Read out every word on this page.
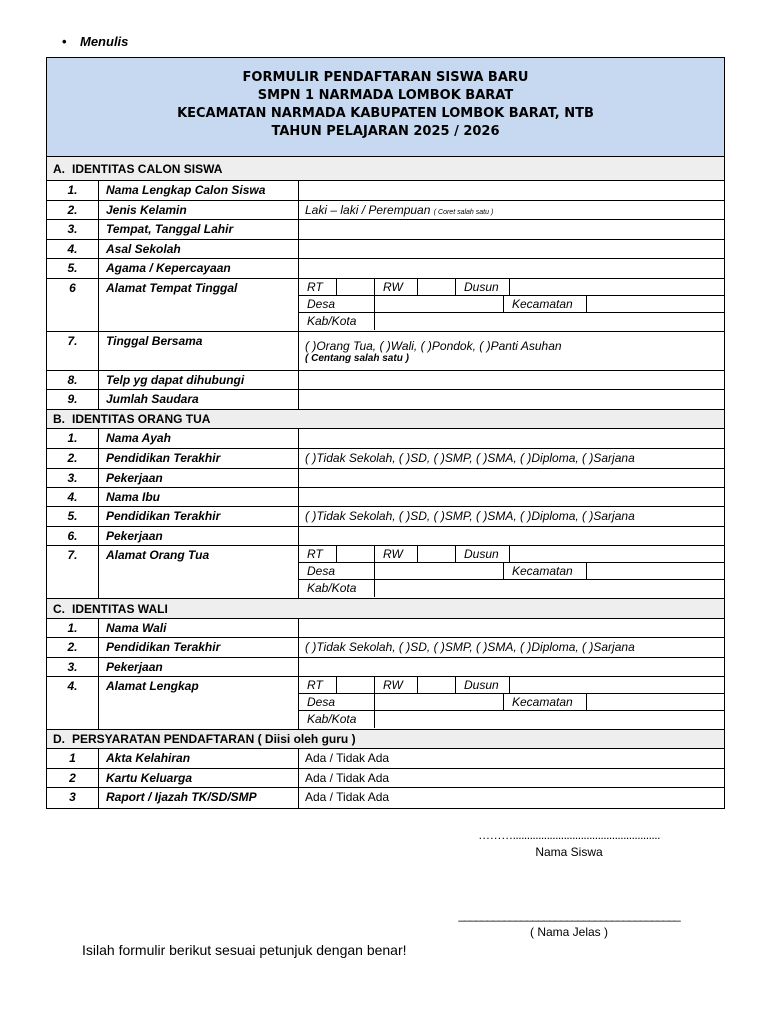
• Menulis
FORMULIR PENDAFTARAN SISWA BARU
SMPN 1 NARMADA LOMBOK BARAT
KECAMATAN NARMADA KABUPATEN LOMBOK BARAT, NTB
TAHUN PELAJARAN 2025 / 2026
A. IDENTITAS CALON SISWA
1.	Nama Lengkap Calon Siswa
2.	Jenis Kelamin	Laki – laki / Perempuan ( Coret salah satu )
3.	Tempat, Tanggal Lahir
4.	Asal Sekolah
5.	Agama / Kepercayaan
6	Alamat Tempat Tinggal	RT	RW	Dusun
Desa	Kecamatan
Kab/Kota
7.	Tinggal Bersama	( )Orang Tua, ( )Wali, ( )Pondok, ( )Panti Asuhan
( Centang salah satu )
8.	Telp yg dapat dihubungi
9.	Jumlah Saudara
B. IDENTITAS ORANG TUA
1.	Nama Ayah
2.	Pendidikan Terakhir	( )Tidak Sekolah, ( )SD, ( )SMP, ( )SMA, ( )Diploma, ( )Sarjana
3.	Pekerjaan
4.	Nama Ibu
5.	Pendidikan Terakhir	( )Tidak Sekolah, ( )SD, ( )SMP, ( )SMA, ( )Diploma, ( )Sarjana
6.	Pekerjaan
7.	Alamat Orang Tua	RT	RW	Dusun
Desa	Kecamatan
Kab/Kota
C. IDENTITAS WALI
1.	Nama Wali
2.	Pendidikan Terakhir	( )Tidak Sekolah, ( )SD, ( )SMP, ( )SMA, ( )Diploma, ( )Sarjana
3.	Pekerjaan
4.	Alamat Lengkap	RT	RW	Dusun
Desa	Kecamatan
Kab/Kota
D. PERSYARATAN PENDAFTARAN ( Diisi oleh guru )
1	Akta Kelahiran	Ada / Tidak Ada
2	Kartu Keluarga	Ada / Tidak Ada
3	Raport / Ijazah TK/SD/SMP	Ada / Tidak Ada
………....................................................
Nama Siswa
_______________________________________
( Nama Jelas )
Isilah formulir berikut sesuai petunjuk dengan benar!
